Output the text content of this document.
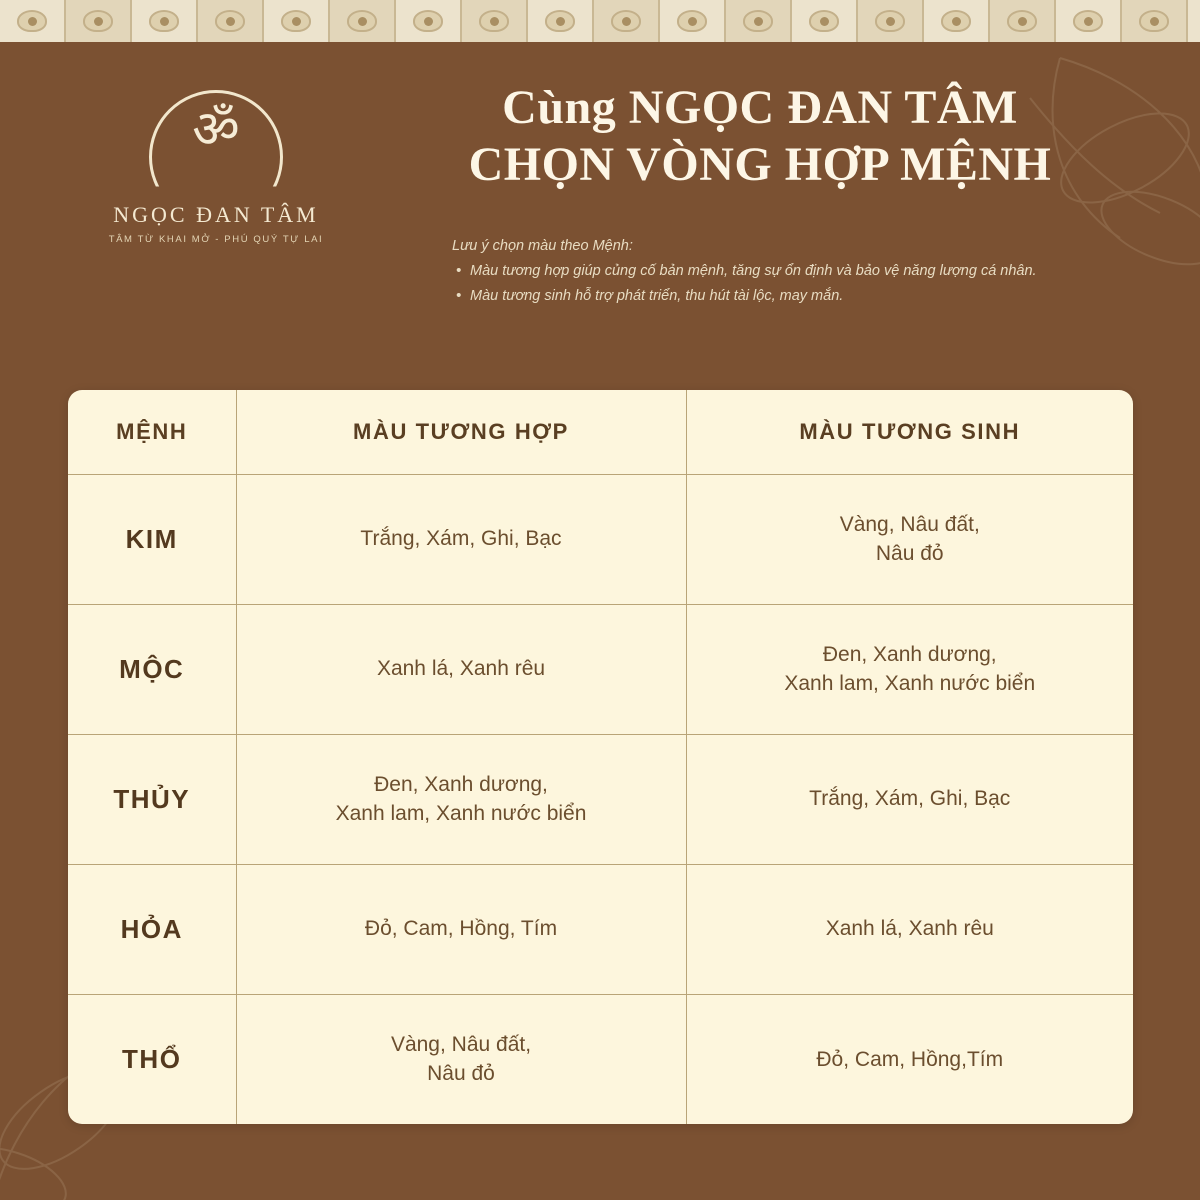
ॐ
NGỌC ĐAN TÂM
TÂM TỪ KHAI MỞ - PHÚ QUÝ TỰ LAI
Cùng NGỌC ĐAN TÂM
CHỌN VÒNG HỢP MỆNH
Lưu ý chọn màu theo Mệnh:
• Màu tương hợp giúp củng cố bản mệnh, tăng sự ổn định và bảo vệ năng lượng cá nhân.
• Màu tương sinh hỗ trợ phát triển, thu hút tài lộc, may mắn.
MỆNH	MÀU TƯƠNG HỢP	MÀU TƯƠNG SINH
KIM	Trắng, Xám, Ghi, Bạc	Vàng, Nâu đất,
Nâu đỏ
MỘC	Xanh lá, Xanh rêu	Đen, Xanh dương,
Xanh lam, Xanh nước biển
THỦY	Đen, Xanh dương,
Xanh lam, Xanh nước biển	Trắng, Xám, Ghi, Bạc
HỎA	Đỏ, Cam, Hồng, Tím	Xanh lá, Xanh rêu
THỔ	Vàng, Nâu đất,
Nâu đỏ	Đỏ, Cam, Hồng,Tím
